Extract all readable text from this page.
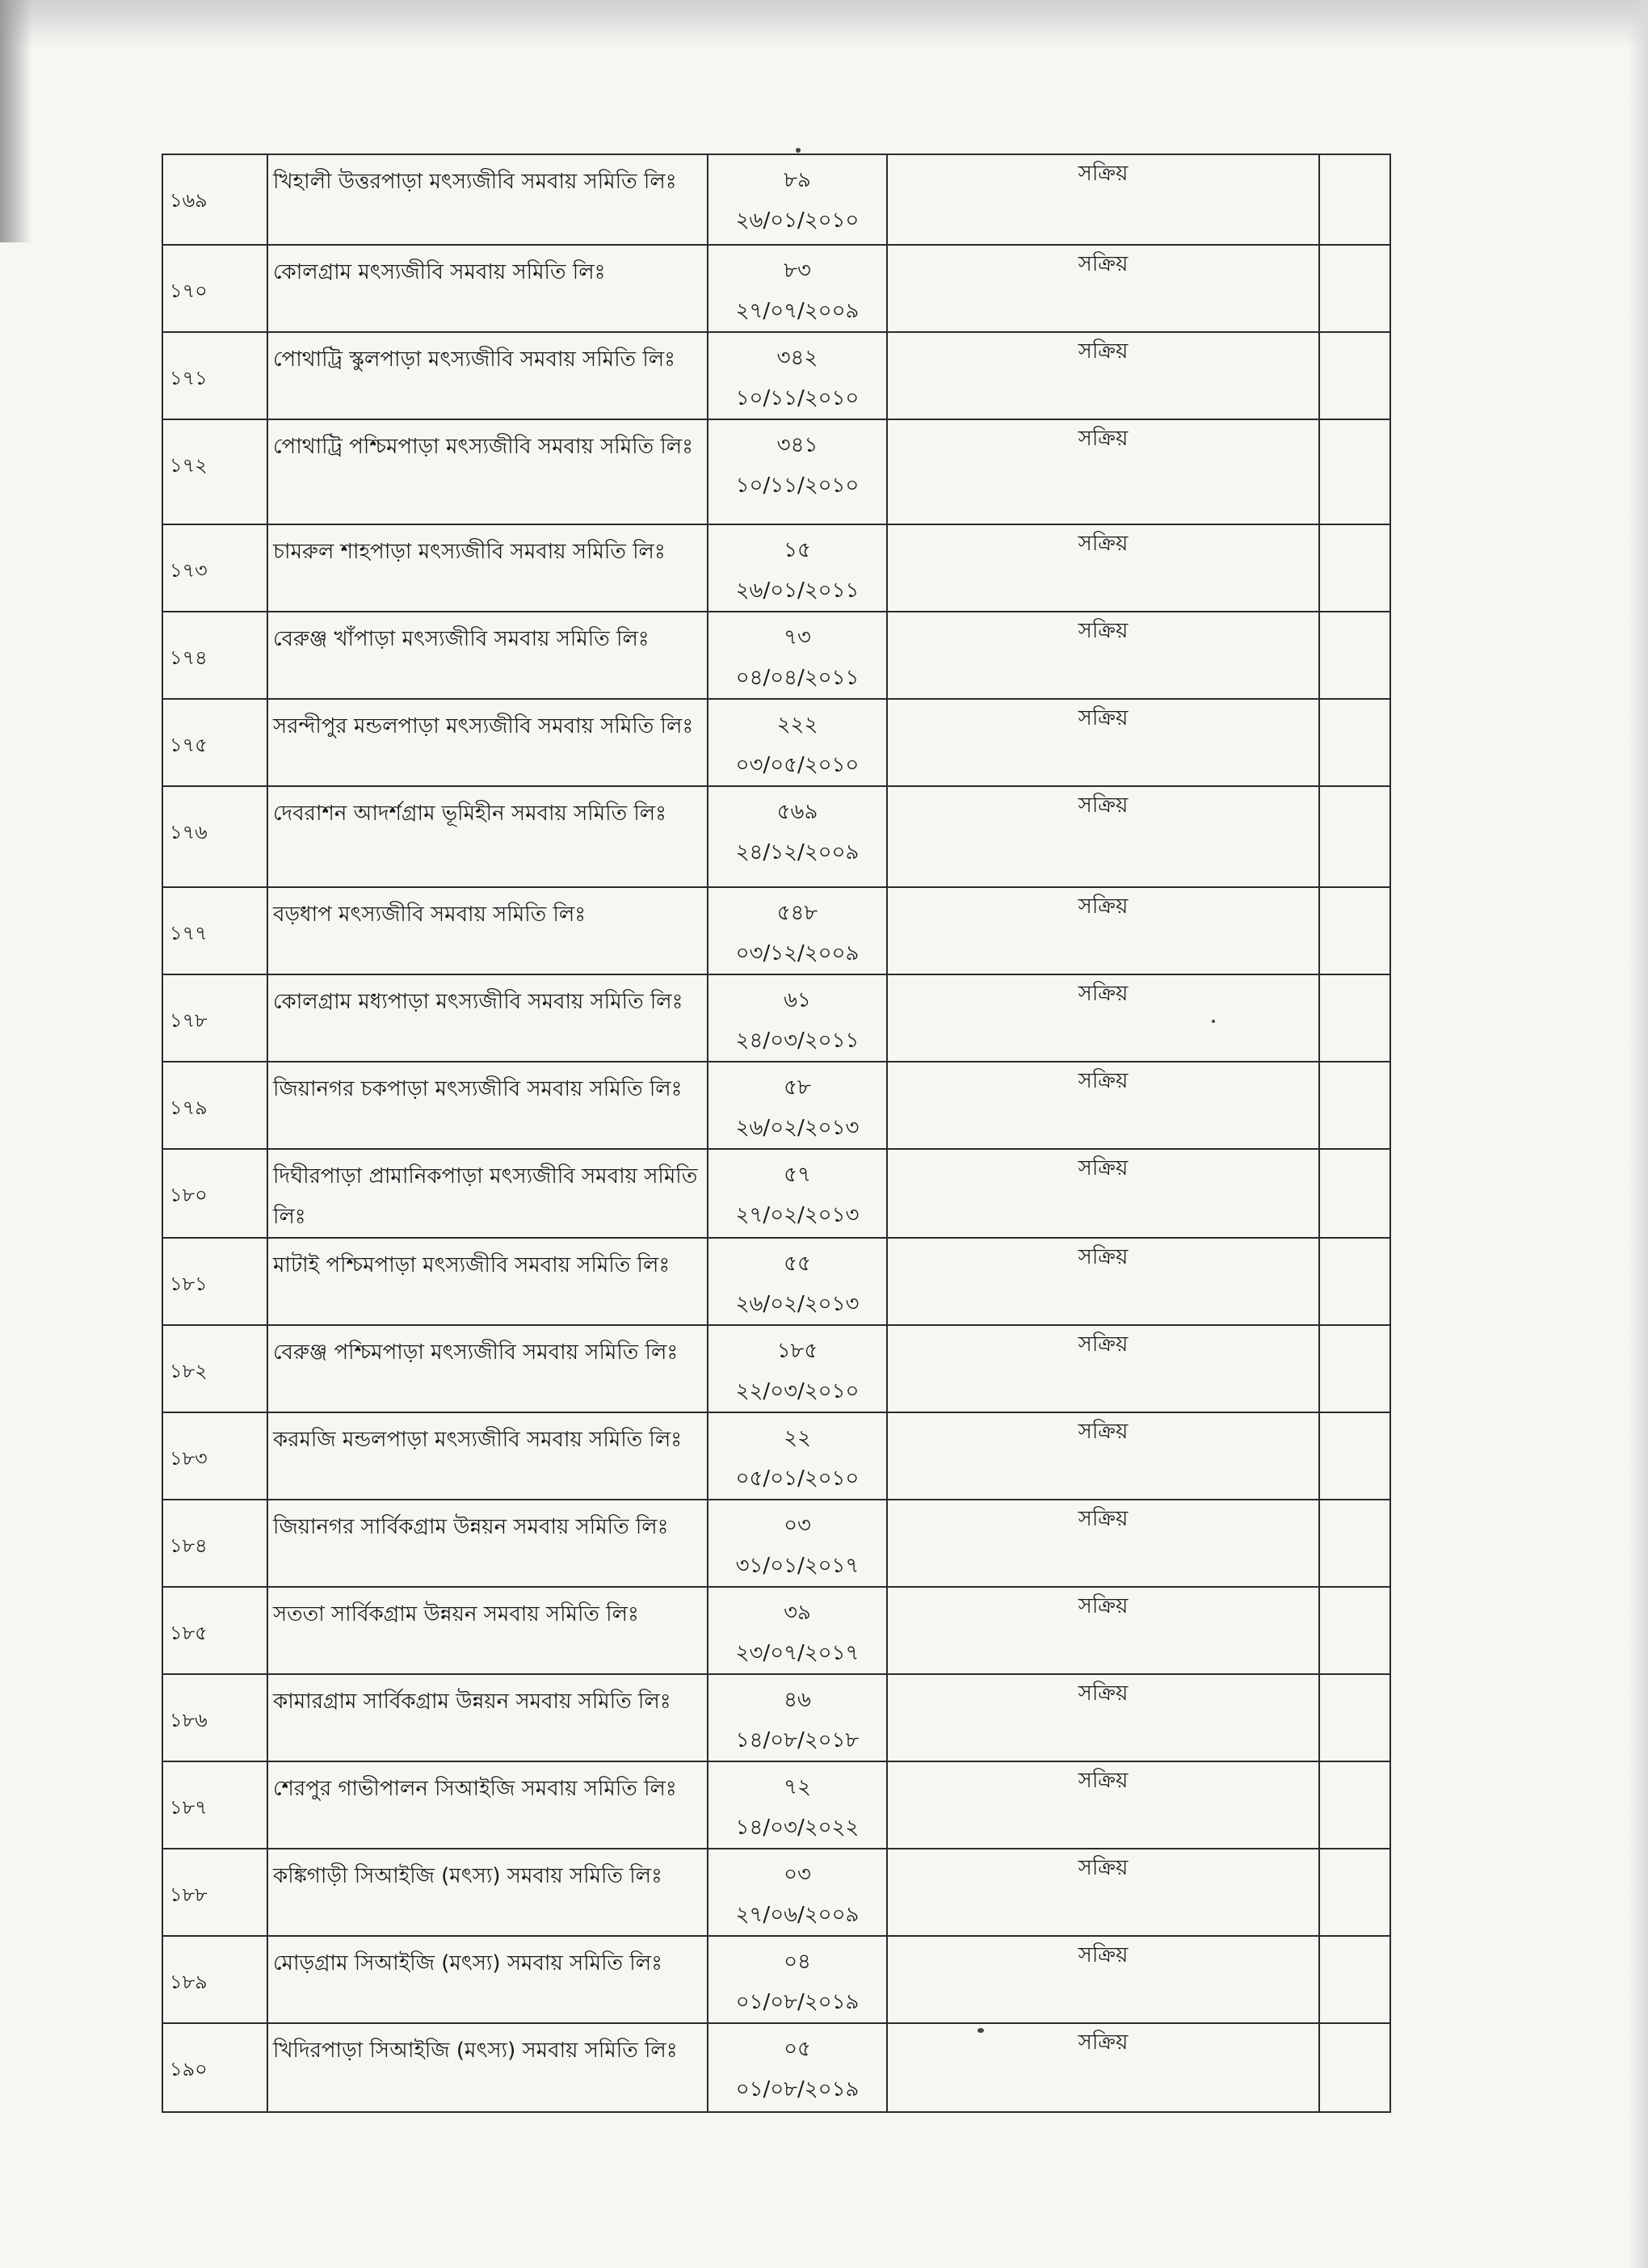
১৬৯	খিহালী উত্তরপাড়া মৎস্যজীবি সমবায় সমিতি লিঃ	৮৯
২৬/০১/২০১০	সক্রিয়	
১৭০	কোলগ্রাম মৎস্যজীবি সমবায় সমিতি লিঃ	৮৩
২৭/০৭/২০০৯	সক্রিয়	
১৭১	পোথাট্রি স্কুলপাড়া মৎস্যজীবি সমবায় সমিতি লিঃ	৩৪২
১০/১১/২০১০	সক্রিয়	
১৭২	পোথাট্রি পশ্চিমপাড়া মৎস্যজীবি সমবায় সমিতি লিঃ	৩৪১
১০/১১/২০১০	সক্রিয়	
১৭৩	চামরুল শাহপাড়া মৎস্যজীবি সমবায় সমিতি লিঃ	১৫
২৬/০১/২০১১	সক্রিয়	
১৭৪	বেরুঞ্জ খাঁপাড়া মৎস্যজীবি সমবায় সমিতি লিঃ	৭৩
০৪/০৪/২০১১	সক্রিয়	
১৭৫	সরন্দীপুর মন্ডলপাড়া মৎস্যজীবি সমবায় সমিতি লিঃ	২২২
০৩/০৫/২০১০	সক্রিয়	
১৭৬	দেবরাশন আদর্শগ্রাম ভূমিহীন সমবায় সমিতি লিঃ	৫৬৯
২৪/১২/২০০৯	সক্রিয়	
১৭৭	বড়ধাপ মৎস্যজীবি সমবায় সমিতি লিঃ	৫৪৮
০৩/১২/২০০৯	সক্রিয়	
১৭৮	কোলগ্রাম মধ্যপাড়া মৎস্যজীবি সমবায় সমিতি লিঃ	৬১
২৪/০৩/২০১১	সক্রিয়	
১৭৯	জিয়ানগর চকপাড়া মৎস্যজীবি সমবায় সমিতি লিঃ	৫৮
২৬/০২/২০১৩	সক্রিয়	
১৮০	দিঘীরপাড়া প্রামানিকপাড়া মৎস্যজীবি সমবায় সমিতি লিঃ	৫৭
২৭/০২/২০১৩	সক্রিয়	
১৮১	মাটাই পশ্চিমপাড়া মৎস্যজীবি সমবায় সমিতি লিঃ	৫৫
২৬/০২/২০১৩	সক্রিয়	
১৮২	বেরুঞ্জ পশ্চিমপাড়া মৎস্যজীবি সমবায় সমিতি লিঃ	১৮৫
২২/০৩/২০১০	সক্রিয়	
১৮৩	করমজি মন্ডলপাড়া মৎস্যজীবি সমবায় সমিতি লিঃ	২২
০৫/০১/২০১০	সক্রিয়	
১৮৪	জিয়ানগর সার্বিকগ্রাম উন্নয়ন সমবায় সমিতি লিঃ	০৩
৩১/০১/২০১৭	সক্রিয়	
১৮৫	সততা সার্বিকগ্রাম উন্নয়ন সমবায় সমিতি লিঃ	৩৯
২৩/০৭/২০১৭	সক্রিয়	
১৮৬	কামারগ্রাম সার্বিকগ্রাম উন্নয়ন সমবায় সমিতি লিঃ	৪৬
১৪/০৮/২০১৮	সক্রিয়	
১৮৭	শেরপুর গাভীপালন সিআইজি সমবায় সমিতি লিঃ	৭২
১৪/০৩/২০২২	সক্রিয়	
১৮৮	কঙ্কিগাড়ী সিআইজি (মৎস্য) সমবায় সমিতি লিঃ	০৩
২৭/০৬/২০০৯	সক্রিয়	
১৮৯	মোড়গ্রাম সিআইজি (মৎস্য) সমবায় সমিতি লিঃ	০৪
০১/০৮/২০১৯	সক্রিয়	
১৯০	খিদিরপাড়া সিআইজি (মৎস্য) সমবায় সমিতি লিঃ	০৫
০১/০৮/২০১৯	সক্রিয়	
